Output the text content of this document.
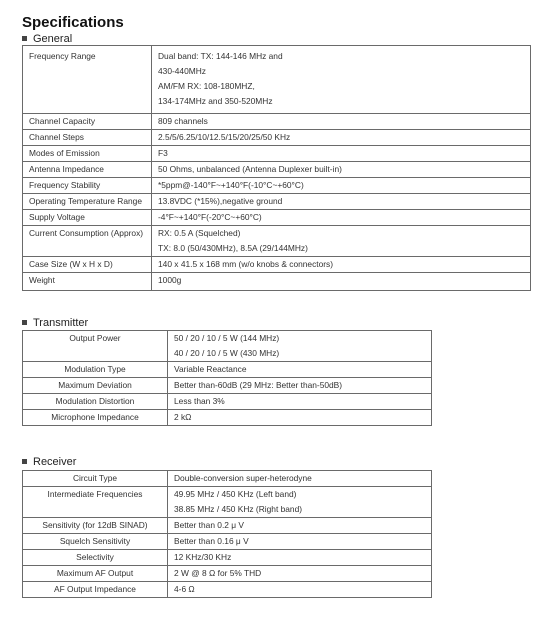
Specifications
General
Frequency Range	Dual band: TX: 144-146 MHz and
430-440MHz
AM/FM RX: 108-180MHZ,
134-174MHz and 350-520MHz

Channel Capacity	809 channels

Channel Steps	2.5/5/6.25/10/12.5/15/20/25/50 KHz

Modes of Emission	F3

Antenna Impedance	50 Ohms, unbalanced (Antenna Duplexer built-in)

Frequency Stability	*5ppm@-140°F~+140°F(-10°C~+60°C)

Operating Temperature Range	13.8VDC (*15%),negative ground

Supply Voltage	-4°F~+140°F(-20°C~+60°C)

Current Consumption (Approx)	RX: 0.5 A (Squelched)
TX: 8.0 (50/430MHz), 8.5A (29/144MHz)

Case Size (W x H x D)	140 x 41.5 x 168 mm (w/o knobs & connectors)

Weight	1000g
Transmitter
Output Power	50 / 20 / 10 / 5 W (144 MHz)
40 / 20 / 10 / 5 W (430 MHz)

Modulation Type	Variable Reactance

Maximum Deviation	Better than-60dB (29 MHz: Better than-50dB)

Modulation Distortion	Less than 3%

Microphone Impedance	2 kΩ
Receiver
Circuit Type	Double-conversion super-heterodyne

Intermediate Frequencies	49.95 MHz / 450 KHz (Left band)
38.85 MHz / 450 KHz (Right band)

Sensitivity (for 12dB SINAD)	Better than 0.2 μ V

Squelch Sensitivity	Better than 0.16 μ V

Selectivity	12 KHz/30 KHz

Maximum AF Output	2 W @ 8 Ω for 5% THD

AF Output Impedance	4-6 Ω
